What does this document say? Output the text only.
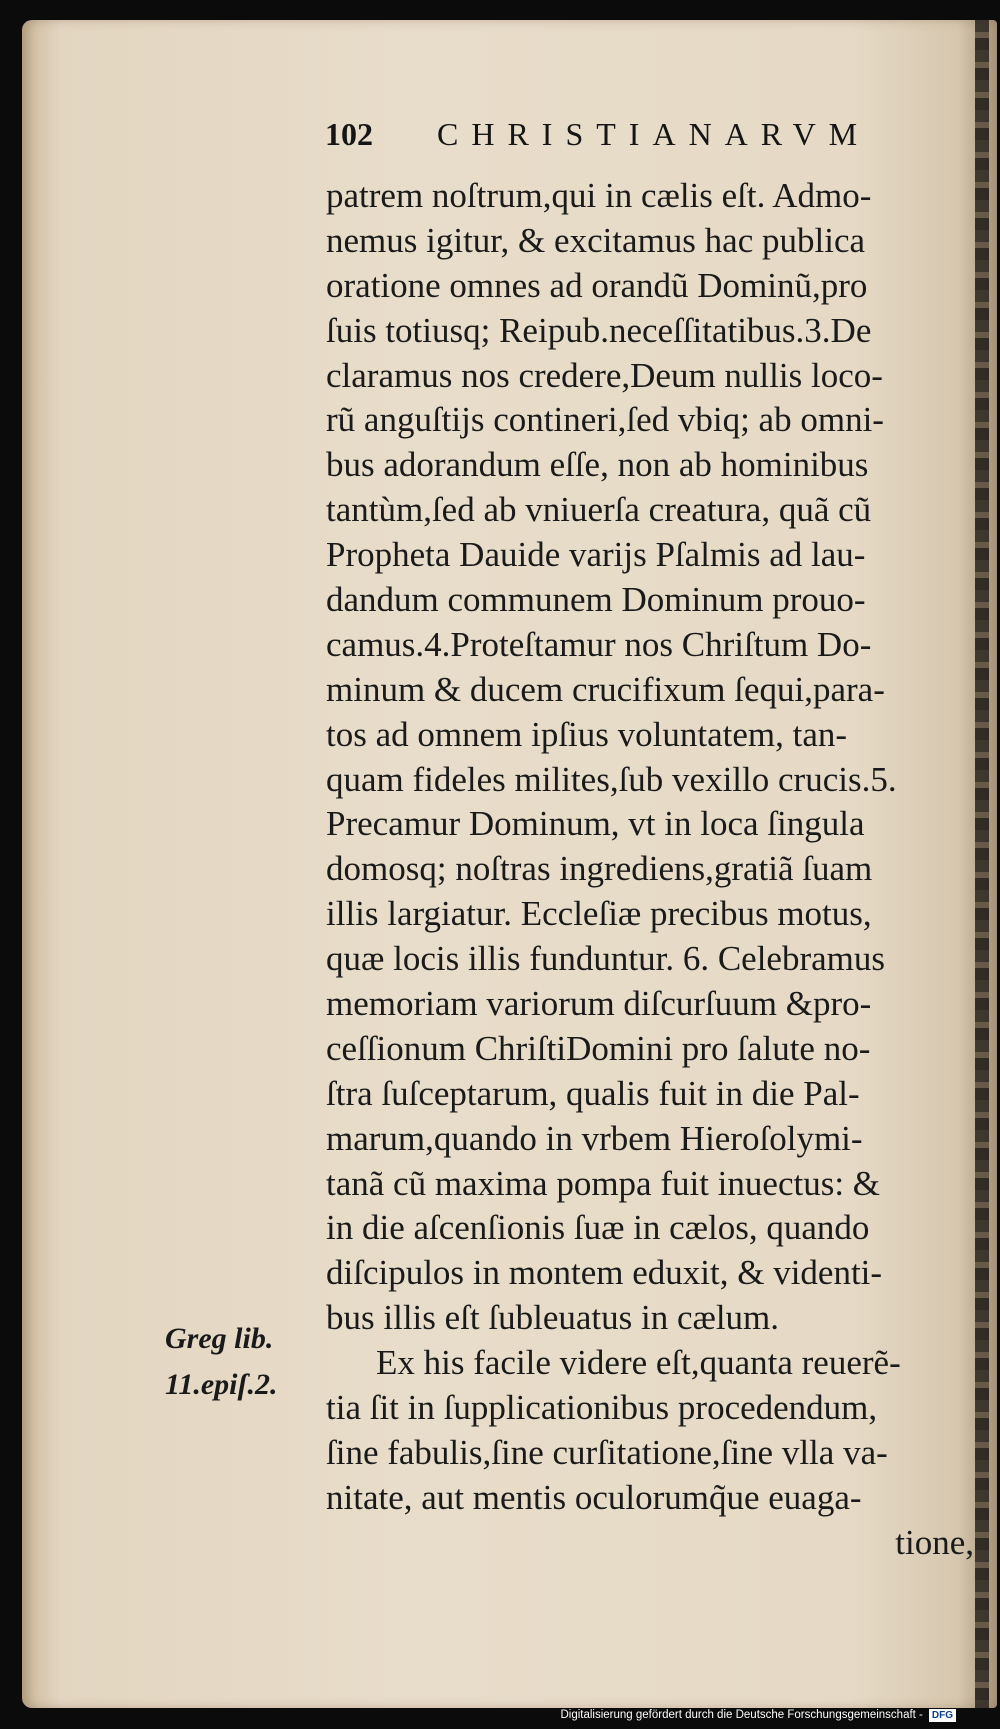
102 CHRISTIANARVM
patrem noſtrum,qui in cælis eſt. Admo-
nemus igitur, & excitamus hac publica
oratione omnes ad orandũ Dominũ,pro
ſuis totiusq; Reipub.neceſſitatibus.3.De
claramus nos credere,Deum nullis loco-
rũ anguſtijs contineri,ſed vbiq; ab omni-
bus adorandum eſſe, non ab hominibus
tantùm,ſed ab vniuerſa creatura, quã cũ
Propheta Dauide varijs Pſalmis ad lau-
dandum communem Dominum prouo-
camus.4.Proteſtamur nos Chriſtum Do-
minum & ducem crucifixum ſequi,para-
tos ad omnem ipſius voluntatem, tan-
quam fideles milites,ſub vexillo crucis.5.
Precamur Dominum, vt in loca ſingula
domosq; noſtras ingrediens,gratiã ſuam
illis largiatur. Eccleſiæ precibus motus,
quæ locis illis funduntur. 6. Celebramus
memoriam variorum diſcurſuum &pro-
ceſſionum ChriſtiDomini pro ſalute no-
ſtra ſuſceptarum, qualis fuit in die Pal-
marum,quando in vrbem Hieroſolymi-
tanã cũ maxima pompa fuit inuectus: &
in die aſcenſionis ſuæ in cælos, quando
diſcipulos in montem eduxit, & videnti-
bus illis eſt ſubleuatus in cælum.
Ex his facile videre eſt,quanta reuerẽ-
tia ſit in ſupplicationibus procedendum,
ſine fabulis,ſine curſitatione,ſine vlla va-
nitate, aut mentis oculorumq̃ue euaga-
tione,
Greg lib.
11.epiſ.2.
Digitalisierung gefördert durch die Deutsche Forschungsgemeinschaft - DFG
